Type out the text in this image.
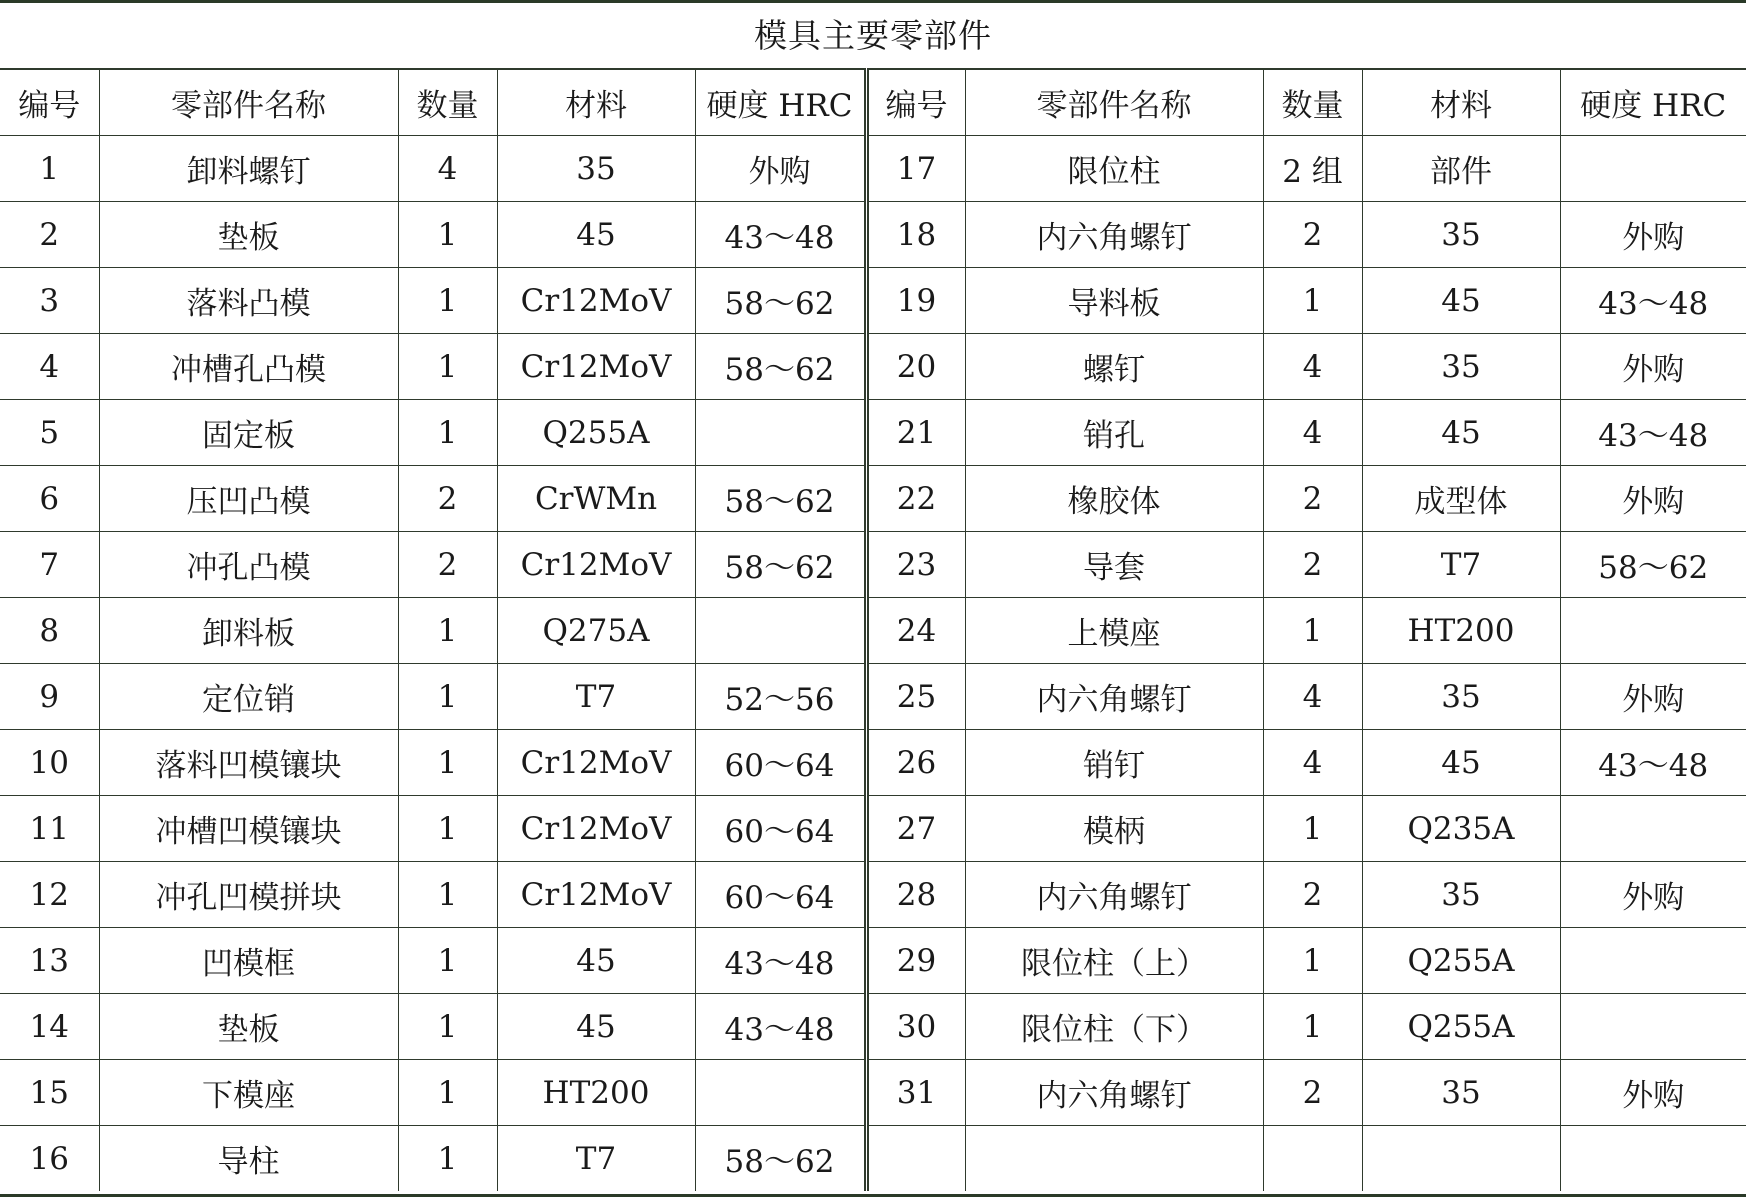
模具主要零部件
编号	零部件名称	数量	材料	硬度 HRC	编号	零部件名称	数量	材料	硬度 HRC
1	卸料螺钉	4	35	外购	17	限位柱	2 组	部件	
2	垫板	1	45	43～48	18	内六角螺钉	2	35	外购
3	落料凸模	1	Cr12MoV	58～62	19	导料板	1	45	43～48
4	冲槽孔凸模	1	Cr12MoV	58～62	20	螺钉	4	35	外购
5	固定板	1	Q255A		21	销孔	4	45	43～48
6	压凹凸模	2	CrWMn	58～62	22	橡胶体	2	成型体	外购
7	冲孔凸模	2	Cr12MoV	58～62	23	导套	2	T7	58～62
8	卸料板	1	Q275A		24	上模座	1	HT200	
9	定位销	1	T7	52～56	25	内六角螺钉	4	35	外购
10	落料凹模镶块	1	Cr12MoV	60～64	26	销钉	4	45	43～48
11	冲槽凹模镶块	1	Cr12MoV	60～64	27	模柄	1	Q235A	
12	冲孔凹模拼块	1	Cr12MoV	60～64	28	内六角螺钉	2	35	外购
13	凹模框	1	45	43～48	29	限位柱（上）	1	Q255A	
14	垫板	1	45	43～48	30	限位柱（下）	1	Q255A	
15	下模座	1	HT200		31	内六角螺钉	2	35	外购
16	导柱	1	T7	58～62					
